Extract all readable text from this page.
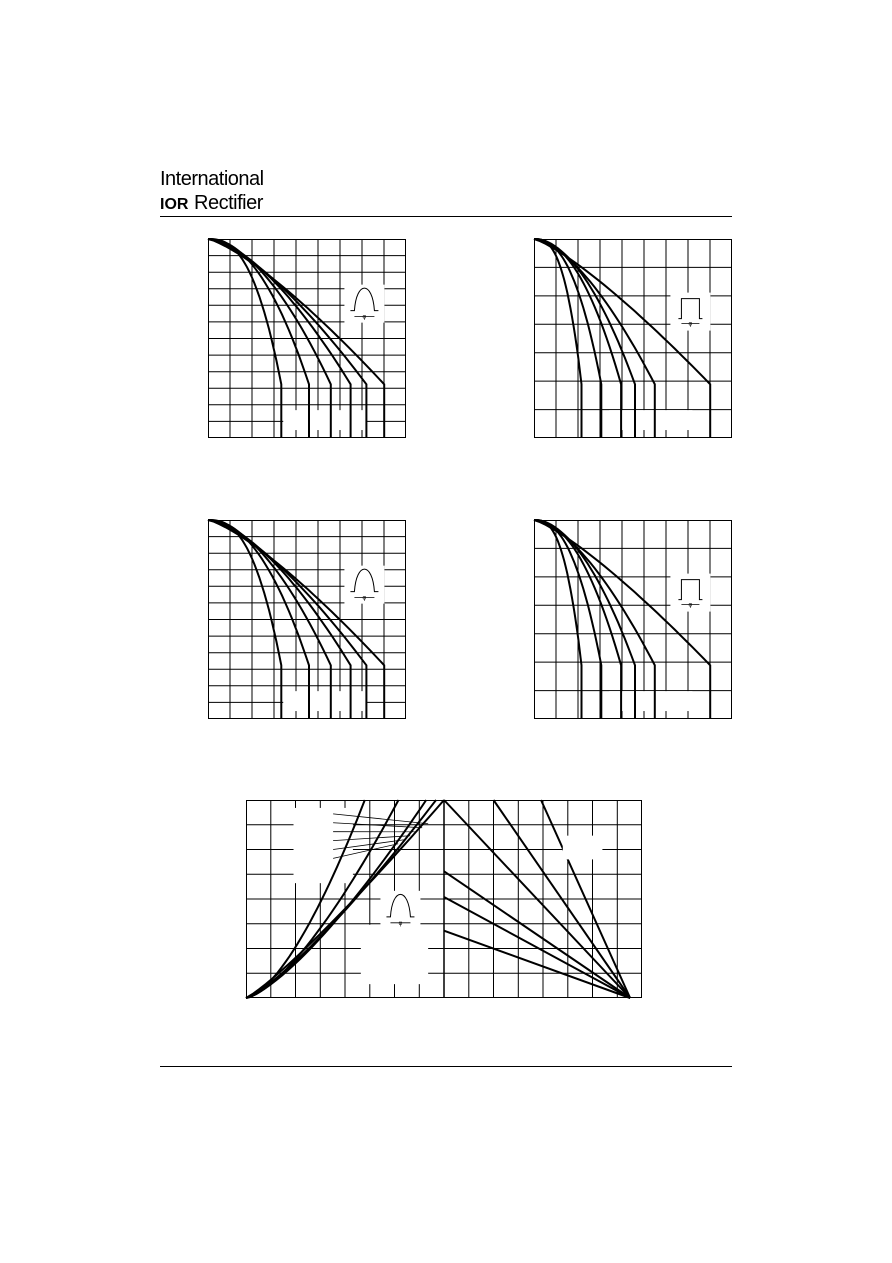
International
IOR Rectifier
φ
φ
φ
φ
φ
